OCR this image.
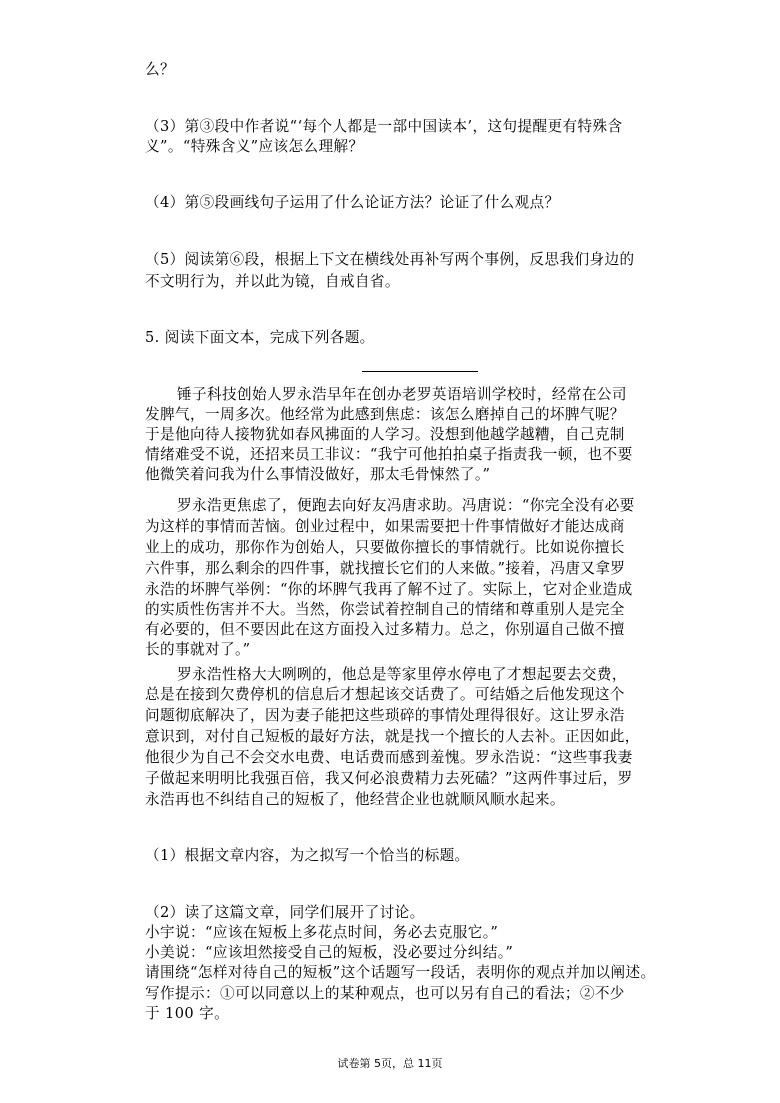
么？
（3）第③段中作者说“‘每个人都是一部中国读本’，这句提醒更有特殊含
义”。“特殊含义”应该怎么理解？
（4）第⑤段画线句子运用了什么论证方法？论证了什么观点？
（5）阅读第⑥段，根据上下文在横线处再补写两个事例，反思我们身边的
不文明行为，并以此为镜，自戒自省。
5. 阅读下面文本，完成下列各题。
锤子科技创始人罗永浩早年在创办老罗英语培训学校时，经常在公司
发脾气，一周多次。他经常为此感到焦虑：该怎么磨掉自己的坏脾气呢？
于是他向待人接物犹如春风拂面的人学习。没想到他越学越糟，自己克制
情绪难受不说，还招来员工非议：“我宁可他拍拍桌子指责我一顿，也不要
他微笑着问我为什么事情没做好，那太毛骨悚然了。”
罗永浩更焦虑了，便跑去向好友冯唐求助。冯唐说：“你完全没有必要
为这样的事情而苦恼。创业过程中，如果需要把十件事情做好才能达成商
业上的成功，那你作为创始人，只要做你擅长的事情就行。比如说你擅长
六件事，那么剩余的四件事，就找擅长它们的人来做。”接着，冯唐又拿罗
永浩的坏脾气举例：“你的坏脾气我再了解不过了。实际上，它对企业造成
的实质性伤害并不大。当然，你尝试着控制自己的情绪和尊重别人是完全
有必要的，但不要因此在这方面投入过多精力。总之，你别逼自己做不擅
长的事就对了。”
罗永浩性格大大咧咧的，他总是等家里停水停电了才想起要去交费，
总是在接到欠费停机的信息后才想起该交话费了。可结婚之后他发现这个
问题彻底解决了，因为妻子能把这些琐碎的事情处理得很好。这让罗永浩
意识到，对付自己短板的最好方法，就是找一个擅长的人去补。正因如此，
他很少为自己不会交水电费、电话费而感到羞愧。罗永浩说：“这些事我妻
子做起来明明比我强百倍，我又何必浪费精力去死磕？”这两件事过后，罗
永浩再也不纠结自己的短板了，他经营企业也就顺风顺水起来。
（1）根据文章内容，为之拟写一个恰当的标题。
（2）读了这篇文章，同学们展开了讨论。
小宇说：“应该在短板上多花点时间，务必去克服它。”
小美说：“应该坦然接受自己的短板，没必要过分纠结。”
请围绕“怎样对待自己的短板”这个话题写一段话，表明你的观点并加以阐述。
写作提示：①可以同意以上的某种观点，也可以另有自己的看法；②不少
于 100 字。
试卷第 5页，总 11页
